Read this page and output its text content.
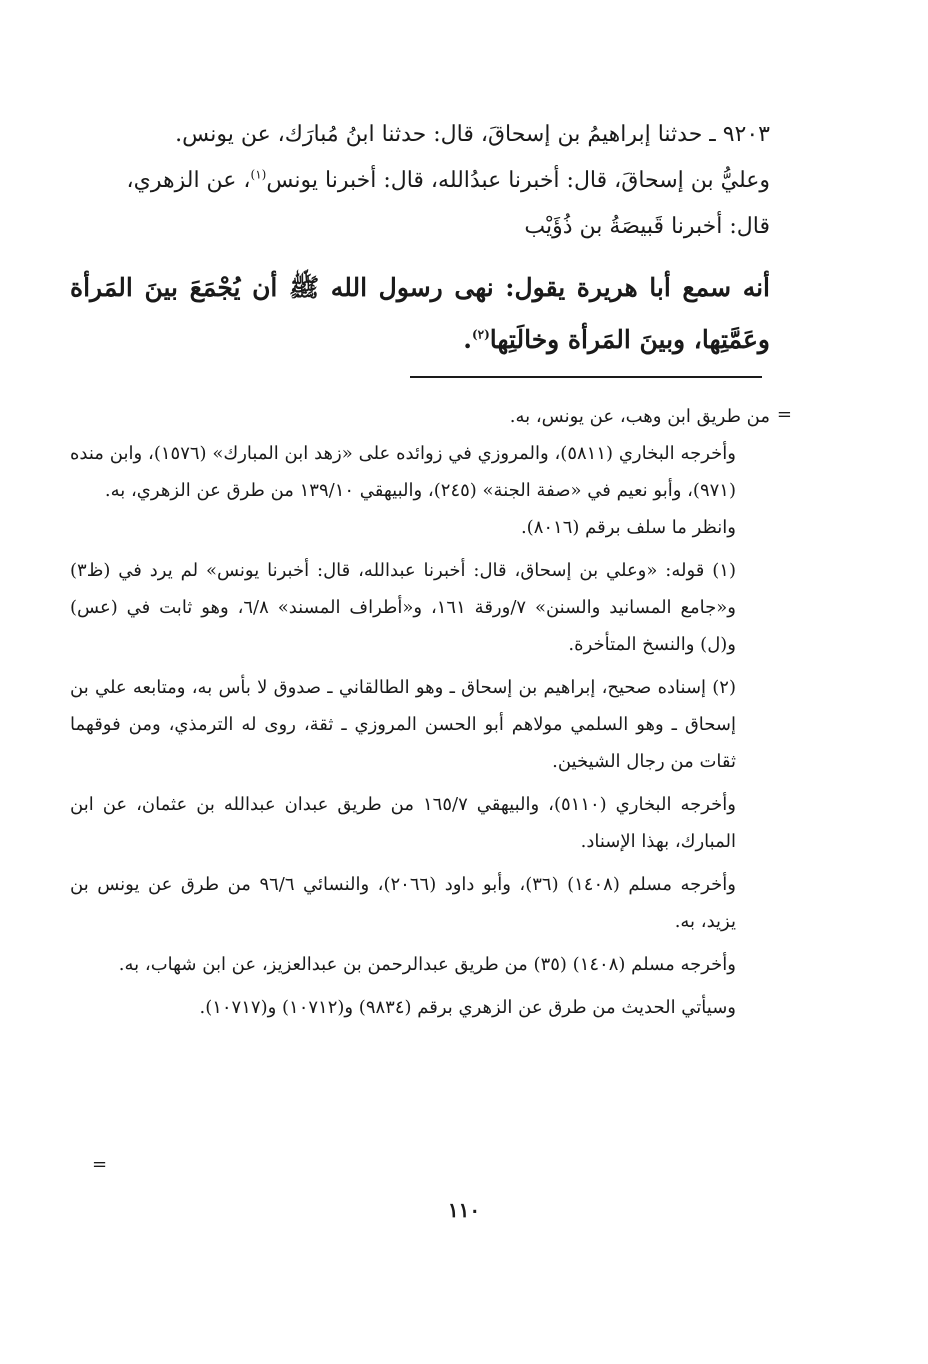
٩٢٠٣ ـ حدثنا إبراهيمُ بن إسحاقَ، قال: حدثنا ابنُ مُبارَك، عن يونس.
وعليُّ بن إسحاقَ، قال: أخبرنا عبدُالله، قال: أخبرنا يونس$^{(١)}$، عن الزهري،
قال: أخبرنا قَبيصَةُ بن ذُؤَيْب
أنه سمع أبا هريرة يقول: نهى رسول الله ﷺ أن يُجْمَعَ بينَ المَرأة وعَمَّتِها، وبينَ المَرأة وخالَتِها$^{(٢)}$.
=

من طريق ابن وهب، عن يونس، به.

وأخرجه البخاري (٥٨١١)، والمروزي في زوائده على «زهد ابن المبارك» (١٥٧٦)، وابن منده (٩٧١)، وأبو نعيم في «صفة الجنة» (٢٤٥)، والبيهقي ١٣٩/١٠ من طرق عن الزهري، به.

وانظر ما سلف برقم (٨٠١٦).

(١) قوله: «وعلي بن إسحاق، قال: أخبرنا عبدالله، قال: أخبرنا يونس» لم يرد في (ظ٣) و«جامع المسانيد والسنن» ٧/ورقة ١٦١، و«أطراف المسند» ٦/٨، وهو ثابت في (عس) و(ل) والنسخ المتأخرة.

(٢) إسناده صحيح، إبراهيم بن إسحاق ـ وهو الطالقاني ـ صدوق لا بأس به، ومتابعه علي بن إسحاق ـ وهو السلمي مولاهم أبو الحسن المروزي ـ ثقة، روى له الترمذي، ومن فوقهما ثقات من رجال الشيخين.

وأخرجه البخاري (٥١١٠)، والبيهقي ١٦٥/٧ من طريق عبدان عبدالله بن عثمان، عن ابن المبارك، بهذا الإسناد.

وأخرجه مسلم (١٤٠٨) (٣٦)، وأبو داود (٢٠٦٦)، والنسائي ٩٦/٦ من طرق عن يونس بن يزيد، به.

وأخرجه مسلم (١٤٠٨) (٣٥) من طريق عبدالرحمن بن عبدالعزيز، عن ابن شهاب، به.

وسيأتي الحديث من طرق عن الزهري برقم (٩٨٣٤) و(١٠٧١٢) و(١٠٧١٧).

=
١١٠
